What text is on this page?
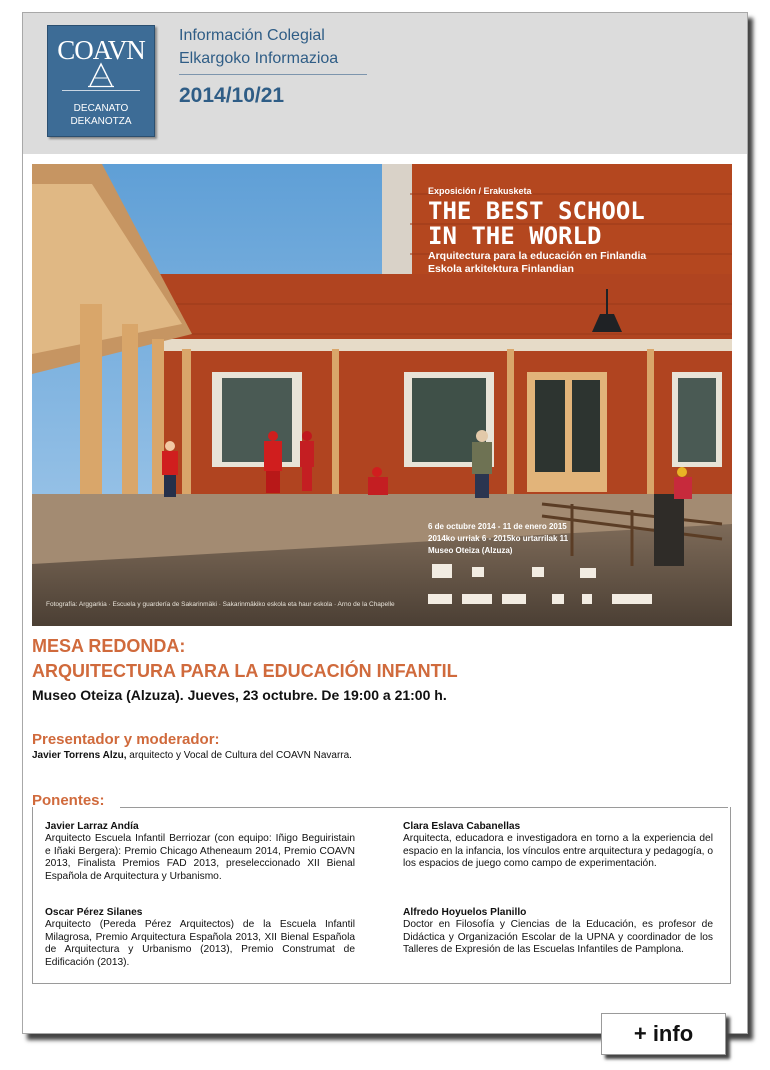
COAVN
DECANATO
DEKANOTZA
Información Colegial
Elkargoko Informazioa
2014/10/21
Exposición / Erakusketa
THE BEST SCHOOL
IN THE WORLD
Arquitectura para la educación en Finlandia
Eskola arkitektura Finlandian
6 de octubre 2014 - 11 de enero 2015
2014ko urriak 6 - 2015ko urtarrilak 11
Museo Oteiza (Alzuza)
Fotografía: Arggarkia · Escuela y guardería de Sakarinmäki · Sakarinmäkiko eskola eta haur eskola · Arno de la Chapelle
MESA REDONDA:
ARQUITECTURA PARA LA EDUCACIÓN INFANTIL
Museo Oteiza (Alzuza). Jueves, 23 octubre. De 19:00 a 21:00 h.
Presentador y moderador:
Javier Torrens Alzu, arquitecto y Vocal de Cultura del COAVN Navarra.
Ponentes:
Javier Larraz Andía
Arquitecto Escuela Infantil Berriozar (con equipo: Iñigo Beguiristain e Iñaki Bergera): Premio Chicago Atheneaum 2014, Premio COAVN 2013, Finalista Premios FAD 2013, preseleccionado XII Bienal Española de Arquitectura y Urbanismo.
Oscar Pérez Silanes
Arquitecto (Pereda Pérez Arquitectos) de la Escuela Infantil Milagrosa, Premio Arquitectura Española 2013, XII Bienal Española de Arquitectura y Urbanismo (2013), Premio Construmat de Edificación (2013).
Clara Eslava Cabanellas
Arquitecta, educadora e investigadora en torno a la experiencia del espacio en la infancia, los vínculos entre arquitectura y pedagogía, o los espacios de juego como campo de experimentación.
Alfredo Hoyuelos Planillo
Doctor en Filosofía y Ciencias de la Educación, es profesor de Didáctica y Organización Escolar de la UPNA y coordinador de los Talleres de Expresión de las Escuelas Infantiles de Pamplona.
+ info
